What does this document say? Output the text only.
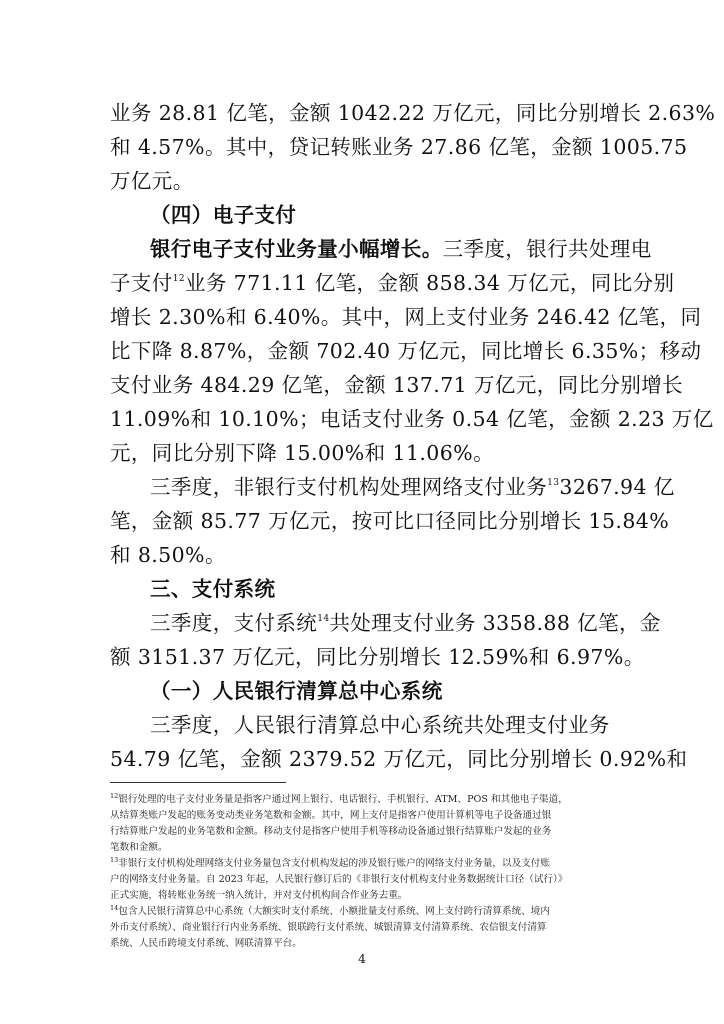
业务 28.81 亿笔，金额 1042.22 万亿元，同比分别增长 2.63%
和 4.57%。其中，贷记转账业务 27.86 亿笔，金额 1005.75
万亿元。
（四）电子支付
银行电子支付业务量小幅增长。三季度，银行共处理电
子支付$^{12}$业务 771.11 亿笔，金额 858.34 万亿元，同比分别
增长 2.30%和 6.40%。其中，网上支付业务 246.42 亿笔，同
比下降 8.87%，金额 702.40 万亿元，同比增长 6.35%；移动
支付业务 484.29 亿笔，金额 137.71 万亿元，同比分别增长
11.09%和 10.10%；电话支付业务 0.54 亿笔，金额 2.23 万亿
元，同比分别下降 15.00%和 11.06%。
三季度，非银行支付机构处理网络支付业务$^{13}$3267.94 亿
笔，金额 85.77 万亿元，按可比口径同比分别增长 15.84%
和 8.50%。
三、支付系统
三季度，支付系统$^{14}$共处理支付业务 3358.88 亿笔，金
额 3151.37 万亿元，同比分别增长 12.59%和 6.97%。
（一）人民银行清算总中心系统
三季度，人民银行清算总中心系统共处理支付业务
54.79 亿笔，金额 2379.52 万亿元，同比分别增长 0.92%和
$^{12}$银行处理的电子支付业务量是指客户通过网上银行、电话银行、手机银行、ATM、POS 和其他电子渠道，
从结算类账户发起的账务变动类业务笔数和金额。其中，网上支付是指客户使用计算机等电子设备通过银
行结算账户发起的业务笔数和金额。移动支付是指客户使用手机等移动设备通过银行结算账户发起的业务
笔数和金额。
$^{13}$非银行支付机构处理网络支付业务量包含支付机构发起的涉及银行账户的网络支付业务量，以及支付账
户的网络支付业务量。自 2023 年起，人民银行修订后的《非银行支付机构支付业务数据统计口径（试行）》
正式实施，将转账业务统一纳入统计，并对支付机构间合作业务去重。
$^{14}$包含人民银行清算总中心系统（大额实时支付系统、小额批量支付系统、网上支付跨行清算系统、境内
外币支付系统）、商业银行行内业务系统、银联跨行支付系统、城银清算支付清算系统、农信银支付清算
系统、人民币跨境支付系统、网联清算平台。
4
